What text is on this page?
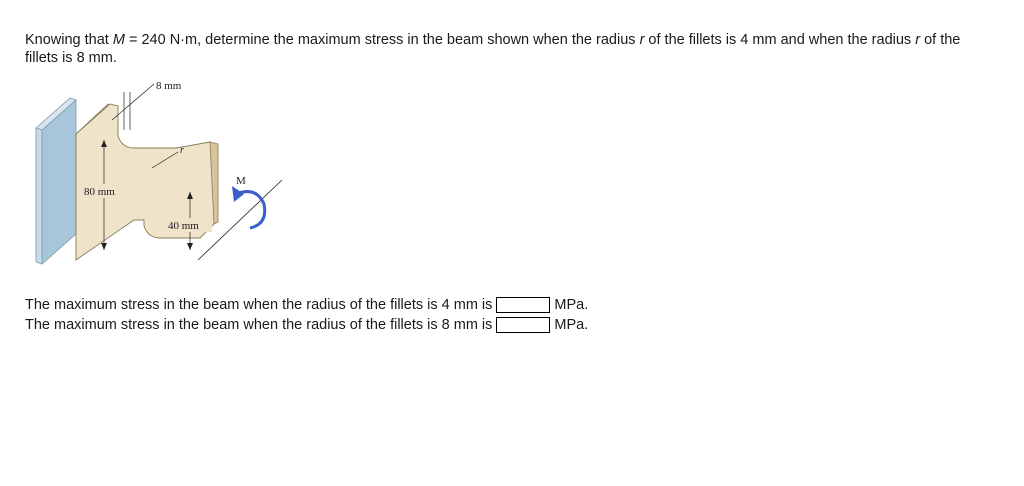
Knowing that M = 240 N·m, determine the maximum stress in the beam shown when the radius r of the fillets is 4 mm and when the radius r of the fillets is 8 mm.
8 mm
r
80 mm
40 mm
M
The maximum stress in the beam when the radius of the fillets is 4 mm is	MPa.
The maximum stress in the beam when the radius of the fillets is 8 mm is	MPa.
